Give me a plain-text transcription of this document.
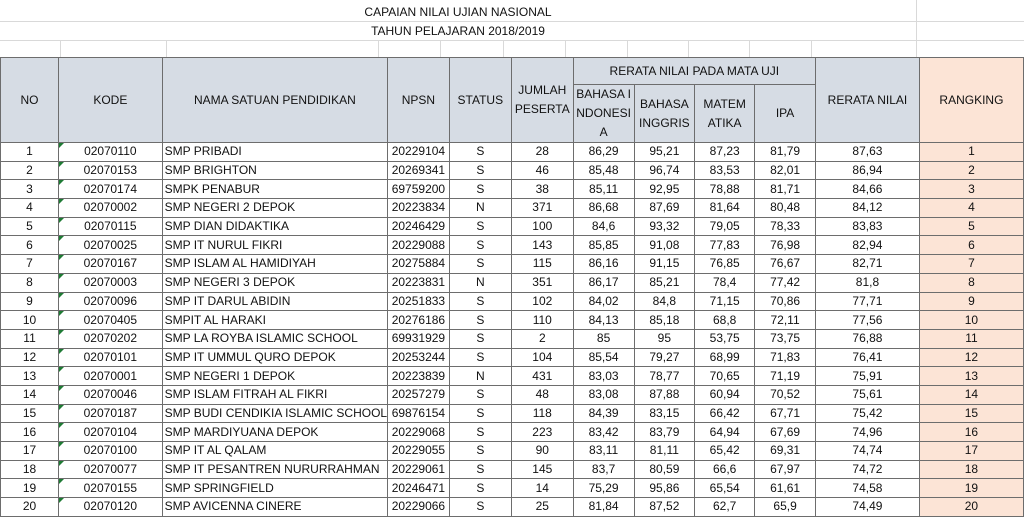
CAPAIAN NILAI UJIAN NASIONAL
TAHUN PELAJARAN 2018/2019
NO	KODE	NAMA SATUAN PENDIDIKAN	NPSN	STATUS	JUMLAH PESERTA	RERATA NILAI PADA MATA UJI				RERATA NILAI	RANGKING
						BAHASA INDONESIA	BAHASA INGGRIS	MATEMATIKA	IPA		
1	02070110	SMP PRIBADI	20229104	S	28	86,29	95,21	87,23	81,79	87,63	1
2	02070153	SMP BRIGHTON	20269341	S	46	85,48	96,74	83,53	82,01	86,94	2
3	02070174	SMPK PENABUR	69759200	S	38	85,11	92,95	78,88	81,71	84,66	3
4	02070002	SMP NEGERI 2 DEPOK	20223834	N	371	86,68	87,69	81,64	80,48	84,12	4
5	02070115	SMP DIAN DIDAKTIKA	20246429	S	100	84,6	93,32	79,05	78,33	83,83	5
6	02070025	SMP IT NURUL FIKRI	20229088	S	143	85,85	91,08	77,83	76,98	82,94	6
7	02070167	SMP ISLAM AL HAMIDIYAH	20275884	S	115	86,16	91,15	76,85	76,67	82,71	7
8	02070003	SMP NEGERI 3 DEPOK	20223831	N	351	86,17	85,21	78,4	77,42	81,8	8
9	02070096	SMP IT DARUL ABIDIN	20251833	S	102	84,02	84,8	71,15	70,86	77,71	9
10	02070405	SMPIT AL HARAKI	20276186	S	110	84,13	85,18	68,8	72,11	77,56	10
11	02070202	SMP LA ROYBA ISLAMIC SCHOOL	69931929	S	2	85	95	53,75	73,75	76,88	11
12	02070101	SMP IT UMMUL QURO DEPOK	20253244	S	104	85,54	79,27	68,99	71,83	76,41	12
13	02070001	SMP NEGERI 1 DEPOK	20223839	N	431	83,03	78,77	70,65	71,19	75,91	13
14	02070046	SMP ISLAM FITRAH AL FIKRI	20257279	S	48	83,08	87,88	60,94	70,52	75,61	14
15	02070187	SMP BUDI CENDIKIA ISLAMIC SCHOOL	69876154	S	118	84,39	83,15	66,42	67,71	75,42	15
16	02070104	SMP MARDIYUANA DEPOK	20229068	S	223	83,42	83,79	64,94	67,69	74,96	16
17	02070100	SMP IT AL QALAM	20229055	S	90	83,11	81,11	65,42	69,31	74,74	17
18	02070077	SMP IT PESANTREN NURURRAHMAN	20229061	S	145	83,7	80,59	66,6	67,97	74,72	18
19	02070155	SMP SPRINGFIELD	20246471	S	14	75,29	95,86	65,54	61,61	74,58	19
20	02070120	SMP AVICENNA CINERE	20229066	S	25	81,84	87,52	62,7	65,9	74,49	20
